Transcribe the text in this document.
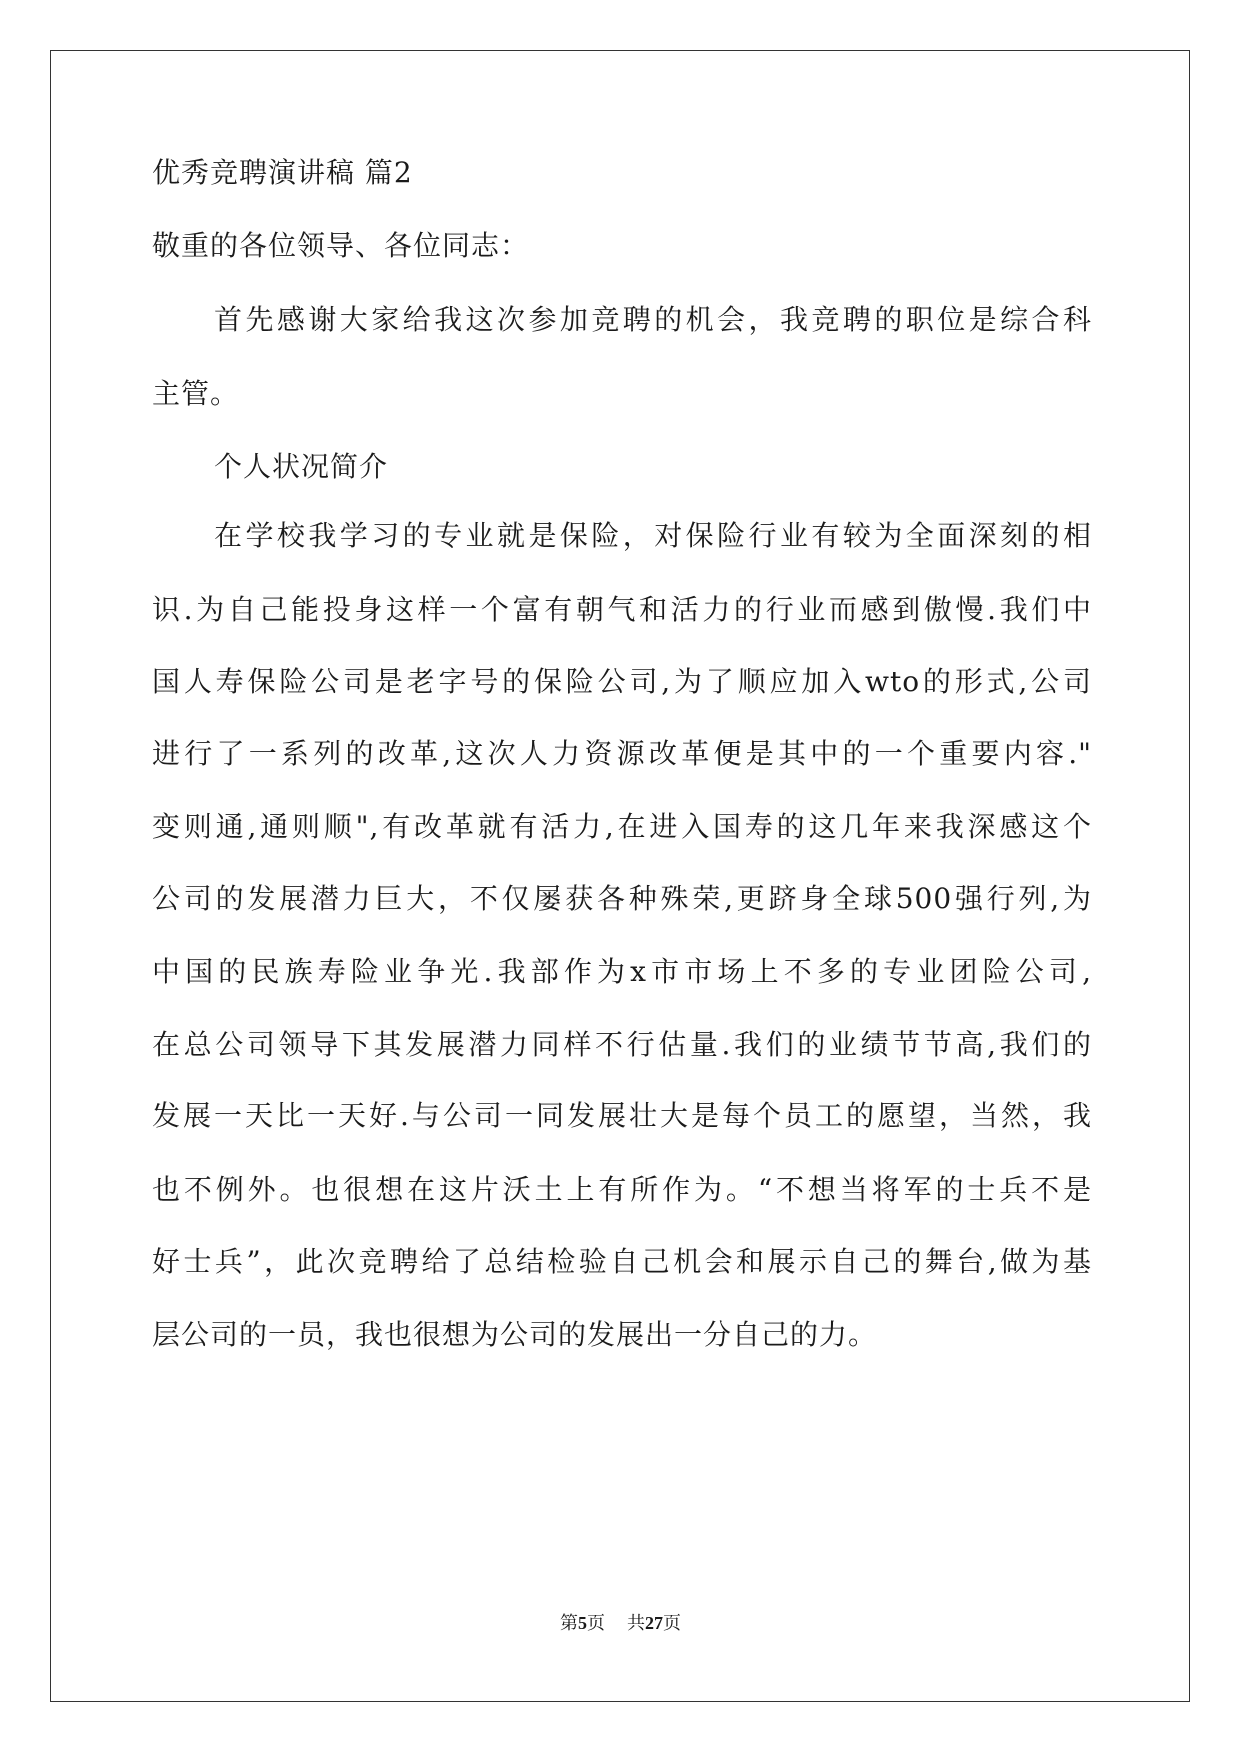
优秀竞聘演讲稿 篇2
敬重的各位领导、各位同志：
首先感谢大家给我这次参加竞聘的机会，我竞聘的职位是综合科
主管。
个人状况简介
在学校我学习的专业就是保险，对保险行业有较为全面深刻的相
识.为自己能投身这样一个富有朝气和活力的行业而感到傲慢.我们中
国人寿保险公司是老字号的保险公司,为了顺应加入wto的形式,公司
进行了一系列的改革,这次人力资源改革便是其中的一个重要内容."
变则通,通则顺",有改革就有活力,在进入国寿的这几年来我深感这个
公司的发展潜力巨大，不仅屡获各种殊荣,更跻身全球500强行列,为
中国的民族寿险业争光.我部作为x市市场上不多的专业团险公司,
在总公司领导下其发展潜力同样不行估量.我们的业绩节节高,我们的
发展一天比一天好.与公司一同发展壮大是每个员工的愿望，当然，我
也不例外。也很想在这片沃土上有所作为。“不想当将军的士兵不是
好士兵”，此次竞聘给了总结检验自己机会和展示自己的舞台,做为基
层公司的一员，我也很想为公司的发展出一分自己的力。
第5页 共27页
